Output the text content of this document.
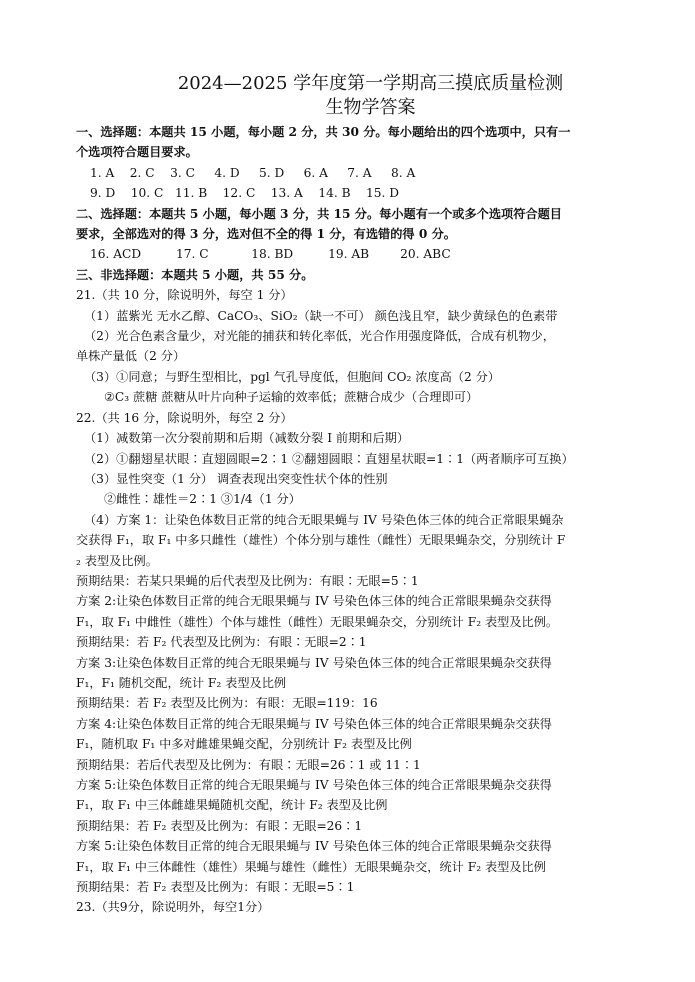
2024—2025 学年度第一学期高三摸底质量检测
生物学答案
一、选择题：本题共 15 小题，每小题 2 分，共 30 分。每小题给出的四个选项中，只有一
个选项符合题目要求。
1. A    2. C    3. C     4. D     5. D     6. A     7. A     8. A
9. D    10. C   11. B    12. C    13. A    14. B    15. D
二、选择题：本题共 5 小题，每小题 3 分，共 15 分。每小题有一个或多个选项符合题目
要求，全部选对的得 3 分，选对但不全的得 1 分，有选错的得 0 分。
16. ACD         17. C           18. BD         19. AB        20. ABC
三、非选择题：本题共 5 小题，共 55 分。
21.（共 10 分，除说明外，每空 1 分）
（1）蓝紫光 无水乙醇、CaCO₃、SiO₂（缺一不可） 颜色浅且窄，缺少黄绿色的色素带
（2）光合色素含量少，对光能的捕获和转化率低，光合作用强度降低，合成有机物少，
单株产量低（2 分）
（3）①同意；与野生型相比，pgl 气孔导度低，但胞间 CO₂ 浓度高（2 分）
②C₃ 蔗糖 蔗糖从叶片向种子运输的效率低；蔗糖合成少（合理即可）
22.（共 16 分，除说明外，每空 2 分）
（1）减数第一次分裂前期和后期（减数分裂 I 前期和后期）
（2）①翻翅星状眼∶直翅圆眼=2∶1 ②翻翅圆眼∶直翅星状眼=1∶1（两者顺序可互换）
（3）显性突变（1 分） 调查表现出突变性状个体的性别
②雌性∶雄性＝2∶1 ③1/4（1 分）
（4）方案 1：让染色体数目正常的纯合无眼果蝇与 IV 号染色体三体的纯合正常眼果蝇杂
交获得 F₁，取 F₁ 中多只雌性（雄性）个体分别与雄性（雌性）无眼果蝇杂交，分别统计 F
₂ 表型及比例。
预期结果：若某只果蝇的后代表型及比例为：有眼∶无眼=5∶1
方案 2:让染色体数目正常的纯合无眼果蝇与 IV 号染色体三体的纯合正常眼果蝇杂交获得
F₁，取 F₁ 中雌性（雄性）个体与雄性（雌性）无眼果蝇杂交，分别统计 F₂ 表型及比例。
预期结果：若 F₂ 代表型及比例为：有眼∶无眼=2∶1
方案 3:让染色体数目正常的纯合无眼果蝇与 IV 号染色体三体的纯合正常眼果蝇杂交获得
F₁，F₁ 随机交配，统计 F₂ 表型及比例
预期结果：若 F₂ 表型及比例为：有眼：无眼=119：16
方案 4:让染色体数目正常的纯合无眼果蝇与 IV 号染色体三体的纯合正常眼果蝇杂交获得
F₁，随机取 F₁ 中多对雌雄果蝇交配，分别统计 F₂ 表型及比例
预期结果：若后代表型及比例为：有眼∶无眼=26∶1 或 11∶1
方案 5:让染色体数目正常的纯合无眼果蝇与 IV 号染色体三体的纯合正常眼果蝇杂交获得
F₁，取 F₁ 中三体雌雄果蝇随机交配，统计 F₂ 表型及比例
预期结果：若 F₂ 表型及比例为：有眼∶无眼=26∶1
方案 5:让染色体数目正常的纯合无眼果蝇与 IV 号染色体三体的纯合正常眼果蝇杂交获得
F₁，取 F₁ 中三体雌性（雄性）果蝇与雄性（雌性）无眼果蝇杂交，统计 F₂ 表型及比例
预期结果：若 F₂ 表型及比例为：有眼∶无眼=5∶1
23.（共9分，除说明外，每空1分）
